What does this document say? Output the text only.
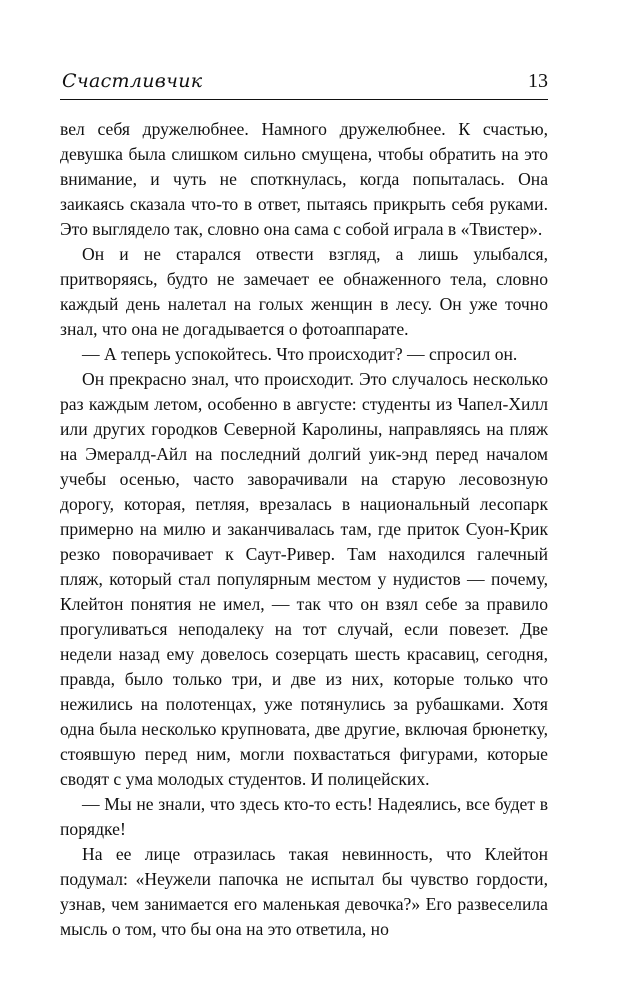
Счастливчик	13

вел себя дружелюбнее. Намного дружелюбнее. К счастью, девушка была слишком сильно смущена, чтобы обратить на это внимание, и чуть не споткнулась, когда попыталась. Она заикаясь сказала что-то в ответ, пытаясь прикрыть себя руками. Это выглядело так, словно она сама с собой играла в «Твистер».

Он и не старался отвести взгляд, а лишь улыбался, притворяясь, будто не замечает ее обнаженного тела, словно каждый день налетал на голых женщин в лесу. Он уже точно знал, что она не догадывается о фотоаппарате.

— А теперь успокойтесь. Что происходит? — спросил он.

Он прекрасно знал, что происходит. Это случалось несколько раз каждым летом, особенно в августе: студенты из Чапел-Хилл или других городков Северной Каролины, направляясь на пляж на Эмералд-Айл на последний долгий уик-энд перед началом учебы осенью, часто заворачивали на старую лесовозную дорогу, которая, петляя, врезалась в национальный лесопарк примерно на милю и заканчивалась там, где приток Суон-Крик резко поворачивает к Саут-Ривер. Там находился галечный пляж, который стал популярным местом у нудистов — почему, Клейтон понятия не имел, — так что он взял себе за правило прогуливаться неподалеку на тот случай, если повезет. Две недели назад ему довелось созерцать шесть красавиц, сегодня, правда, было только три, и две из них, которые только что нежились на полотенцах, уже потянулись за рубашками. Хотя одна была несколько крупновата, две другие, включая брюнетку, стоявшую перед ним, могли похвастаться фигурами, которые сводят с ума молодых студентов. И полицейских.

— Мы не знали, что здесь кто-то есть! Надеялись, все будет в порядке!

На ее лице отразилась такая невинность, что Клейтон подумал: «Неужели папочка не испытал бы чувство гордости, узнав, чем занимается его маленькая девочка?» Его развеселила мысль о том, что бы она на это ответила, но
